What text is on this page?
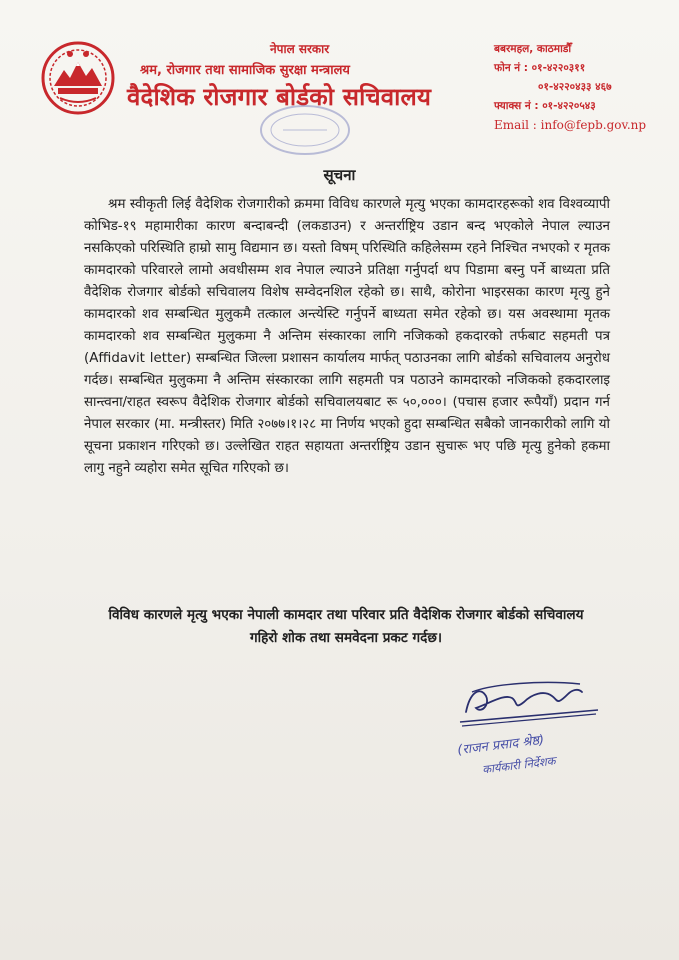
नेपाल सरकार
श्रम, रोजगार तथा सामाजिक सुरक्षा मन्त्रालय
वैदेशिक रोजगार बोर्डको सचिवालय
बबरमहल, काठमाडौँ
फोन नं : ०१-४२२०३११
०१-४२२०४३३ ४६७
फ्याक्स नं : ०१-४२२०५४३
Email : info@fepb.gov.np
सूचना

श्रम स्वीकृती लिई वैदेशिक रोजगारीको क्रममा विविध कारणले मृत्यु भएका कामदारहरूको शव विश्वव्यापी कोभिड-१९ महामारीका कारण बन्दाबन्दी (लकडाउन) र अन्तर्राष्ट्रिय उडान बन्द भएकोले नेपाल ल्याउन नसकिएको परिस्थिति हाम्रो सामु विद्यमान छ। यस्तो विषम् परिस्थिति कहिलेसम्म रहने निश्चित नभएको र मृतक कामदारको परिवारले लामो अवधीसम्म शव नेपाल ल्याउने प्रतिक्षा गर्नुपर्दा थप पिडामा बस्नु पर्ने बाध्यता प्रति वैदेशिक रोजगार बोर्डको सचिवालय विशेष सम्वेदनशिल रहेको छ। साथै, कोरोना भाइरसका कारण मृत्यु हुने कामदारको शव सम्बन्धित मुलुकमै तत्काल अन्त्येस्टि गर्नुपर्ने बाध्यता समेत रहेको छ। यस अवस्थामा मृतक कामदारको शव सम्बन्धित मुलुकमा नै अन्तिम संस्कारका लागि नजिकको हकदारको तर्फबाट सहमती पत्र (Affidavit letter) सम्बन्धित जिल्ला प्रशासन कार्यालय मार्फत् पठाउनका लागि बोर्डको सचिवालय अनुरोध गर्दछ। सम्बन्धित मुलुकमा नै अन्तिम संस्कारका लागि सहमती पत्र पठाउने कामदारको नजिकको हकदारलाइ सान्त्वना/राहत स्वरूप वैदेशिक रोजगार बोर्डको सचिवालयबाट रू ५०,०००। (पचास हजार रूपैयाँ) प्रदान गर्न नेपाल सरकार (मा. मन्त्रीस्तर) मिति २०७७।१।२८ मा निर्णय भएको हुदा सम्बन्धित सबैको जानकारीको लागि यो सूचना प्रकाशन गरिएको छ। उल्लेखित राहत सहायता अन्तर्राष्ट्रिय उडान सुचारू भए पछि मृत्यु हुनेको हकमा लागु नहुने व्यहोरा समेत सूचित गरिएको छ।

विविध कारणले मृत्यु भएका नेपाली कामदार तथा परिवार प्रति वैदेशिक रोजगार बोर्डको सचिवालय गहिरो शोक तथा समवेदना प्रकट गर्दछ।

(राजन प्रसाद श्रेष्ठ)
कार्यकारी निर्देशक
